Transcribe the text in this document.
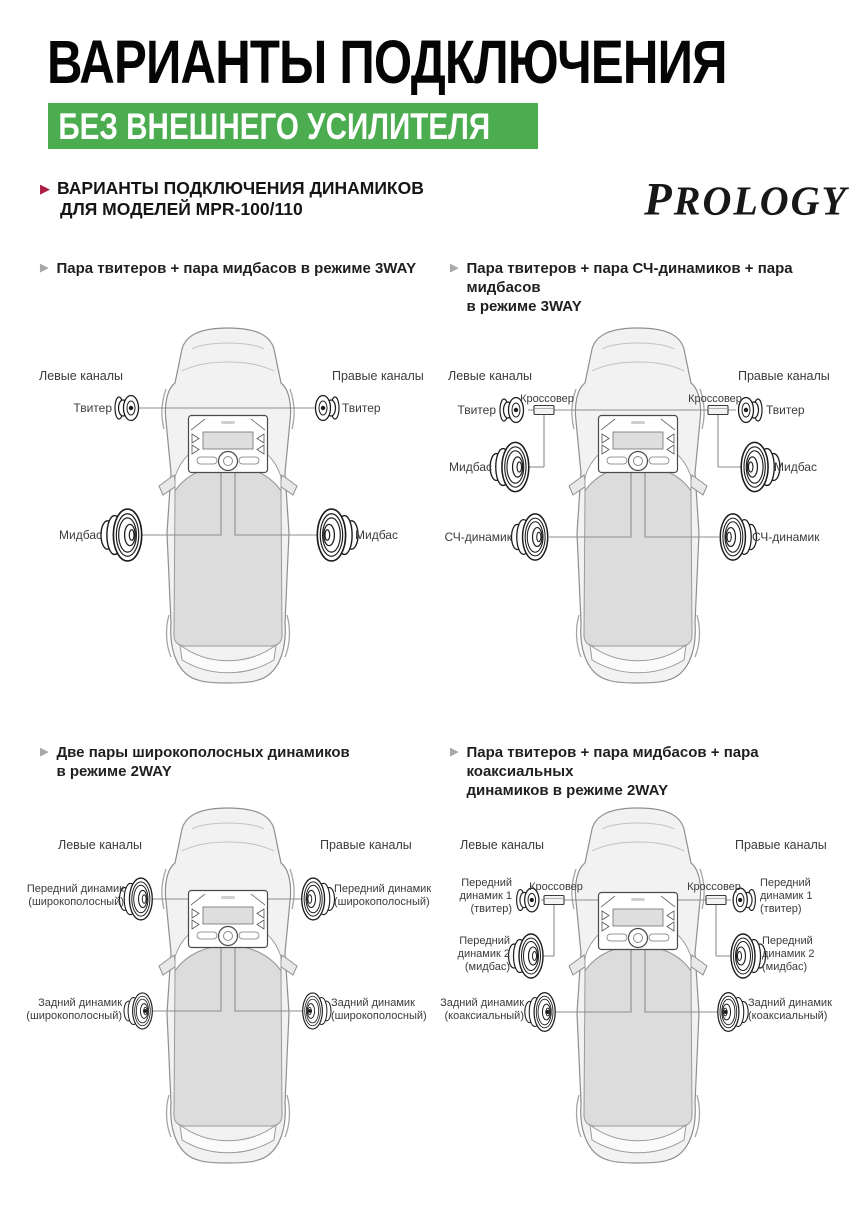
ВАРИАНТЫ ПОДКЛЮЧЕНИЯ
БЕЗ ВНЕШНЕГО УСИЛИТЕЛЯ
▶ ВАРИАНТЫ ПОДКЛЮЧЕНИЯ ДИНАМИКОВ
ДЛЯ МОДЕЛЕЙ MPR-100/110	PROLOGY
▶ Пара твитеров + пара мидбасов в режиме 3WAY	▶ Пара твитеров + пара СЧ-динамиков + пара мидбасов
в режиме 3WAY
▶ Две пары широкополосных динамиков
в режиме 2WAY
▶ Пара твитеров + пара мидбасов + пара коаксиальных
динамиков в режиме 2WAY
Левые каналы	Правые каналы
Твитер	Твитер
Мидбас	Мидбас
Левые каналы	Правые каналы
Кроссовер	Кроссовер
Твитер	Твитер
Мидбас	Мидбас
СЧ-динамик	СЧ-динамик
Левые каналы	Правые каналы
Передний динамик
(широкополосный)
Передний динамик
(широкополосный)
Задний динамик
(широкополосный)
Задний динамик
(широкополосный)
Левые каналы	Правые каналы
Кроссовер	Кроссовер
Передний
динамик 1
(твитер)
Передний
динамик 1
(твитер)
Передний
динамик 2
(мидбас)
Передний
динамик 2
(мидбас)
Задний динамик
(коаксиальный)
Задний динамик
(коаксиальный)
